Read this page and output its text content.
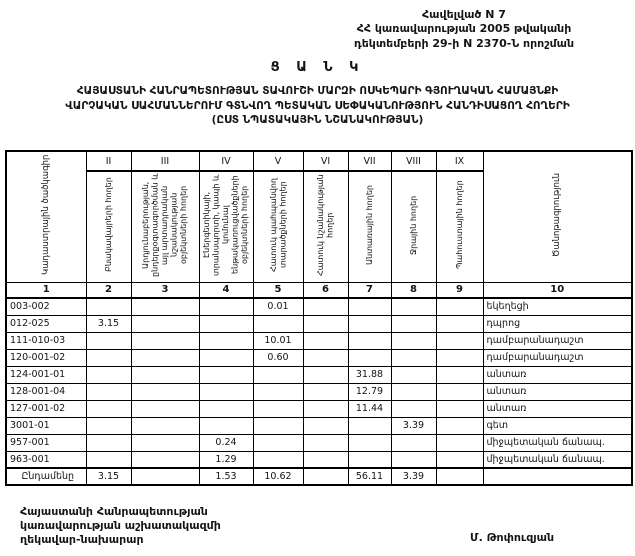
Հավելված N 7
ՀՀ կառավարության 2005 թվականի
դեկտեմբերի 29-ի N 2370-Ն որոշման
Ց Ա Ն Կ
ՀԱՅԱՍՏԱՆԻ ՀԱՆՐԱՊԵՏՈՒԹՅԱՆ ՏԱՎՈՒՇԻ ՄԱՐԶԻ ՈՍԿԵՊԱՐԻ ԳՅՈՒՂԱԿԱՆ ՀԱՄԱՅՆՔԻ
ՎԱՐՉԱԿԱՆ ՍԱՀՄԱՆՆԵՐՈՒՄ ԳՏՆՎՈՂ ՊԵՏԱԿԱՆ ՍԵՓԱԿԱՆՈՒԹՅՈՒՆ ՀԱՆԴԻՍԱՑՈՂ ՀՈՂԵՐԻ
(ԸՍՏ ՆՊԱՏԱԿԱՅԻՆ ՆՇԱՆԱԿՈՒԹՅԱՆ)
Կադաստրային ծածկագիր	II	III	IV	V	VI	VII	VIII	IX	Ծանոթագրություն
	Բնակավայրերի հողեր	Արդյունաբերության, ընդերքօգտագործման և այլ արտադրական նշանակության օբյեկտների հողեր	Էներգետիկայի, տրանսպորտի, կապի և կոմունալ ենթակառուցվածքների օբյեկտների հողեր	Հատուկ պահպանվող տարածքների հողեր	Հատուկ նշանակության հողեր	Անտառային հողեր	Ջրային հողեր	Պահուստային հողեր	
1	2	3	4	5	6	7	8	9	10
003-002				0.01					եկեղեցի
012-025	3.15								դպրոց
111-010-03				10.01					դամբարանադաշտ
120-001-02				0.60					դամբարանադաշտ
124-001-01						31.88			անտառ
128-001-04						12.79			անտառ
127-001-02						11.44			անտառ
3001-01							3.39		գետ
957-001			0.24						միջպետական ճանապ.
963-001			1.29						միջպետական ճանապ.
Ընդամենը	3.15		1.53	10.62		56.11	3.39		
Հայաստանի Հանրապետության
կառավարության աշխատակազմի
ղեկավար-նախարար	Մ. Թոփուզյան
